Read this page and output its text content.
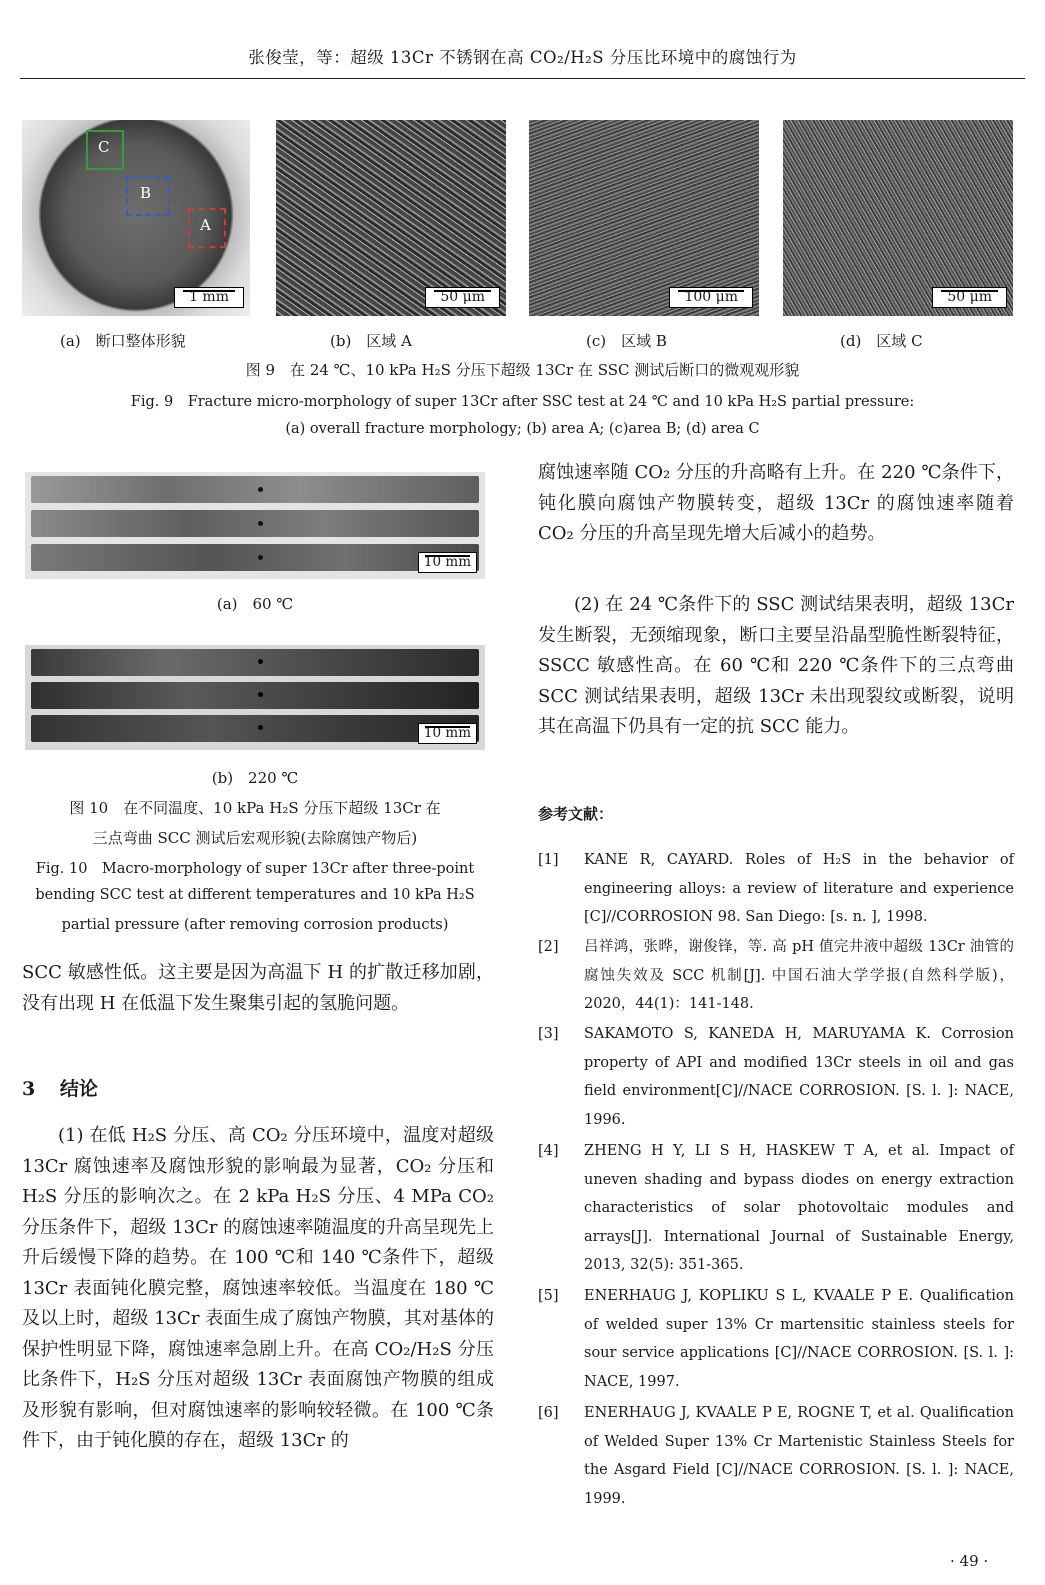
张俊莹，等：超级 13Cr 不锈钢在高 CO₂/H₂S 分压比环境中的腐蚀行为
C
B
A
1 mm	50 μm	100 μm	50 μm
(a)　断口整体形貌	(b)　区域 A	(c)　区域 B	(d)　区域 C
图 9　在 24 ℃、10 kPa H₂S 分压下超级 13Cr 在 SSC 测试后断口的微观观形貌
Fig. 9　Fracture micro-morphology of super 13Cr after SSC test at 24 ℃ and 10 kPa H₂S partial pressure:
(a) overall fracture morphology; (b) area A; (c)area B; (d) area C
10 mm
(a)　60 ℃
10 mm
(b)　220 ℃
图 10　在不同温度、10 kPa H₂S 分压下超级 13Cr 在
三点弯曲 SCC 测试后宏观形貌(去除腐蚀产物后)
Fig. 10　Macro-morphology of super 13Cr after three-point
bending SCC test at different temperatures and 10 kPa H₂S
partial pressure (after removing corrosion products)
SCC 敏感性低。这主要是因为高温下 H 的扩散迁移加剧，没有出现 H 在低温下发生聚集引起的氢脆问题。
3 结论
(1) 在低 H₂S 分压、高 CO₂ 分压环境中，温度对超级 13Cr 腐蚀速率及腐蚀形貌的影响最为显著，CO₂ 分压和 H₂S 分压的影响次之。在 2 kPa H₂S 分压、4 MPa CO₂ 分压条件下，超级 13Cr 的腐蚀速率随温度的升高呈现先上升后缓慢下降的趋势。在 100 ℃和 140 ℃条件下，超级 13Cr 表面钝化膜完整，腐蚀速率较低。当温度在 180 ℃及以上时，超级 13Cr 表面生成了腐蚀产物膜，其对基体的保护性明显下降，腐蚀速率急剧上升。在高 CO₂/H₂S 分压比条件下，H₂S 分压对超级 13Cr 表面腐蚀产物膜的组成及形貌有影响，但对腐蚀速率的影响较轻微。在 100 ℃条件下，由于钝化膜的存在，超级 13Cr 的
腐蚀速率随 CO₂ 分压的升高略有上升。在 220 ℃条件下，钝化膜向腐蚀产物膜转变，超级 13Cr 的腐蚀速率随着 CO₂ 分压的升高呈现先增大后减小的趋势。
(2) 在 24 ℃条件下的 SSC 测试结果表明，超级 13Cr 发生断裂，无颈缩现象，断口主要呈沿晶型脆性断裂特征，SSCC 敏感性高。在 60 ℃和 220 ℃条件下的三点弯曲 SCC 测试结果表明，超级 13Cr 未出现裂纹或断裂，说明其在高温下仍具有一定的抗 SCC 能力。
参考文献：
[1] KANE R, CAYARD. Roles of H₂S in the behavior of engineering alloys: a review of literature and experience [C]//CORROSION 98. San Diego: [s. n. ], 1998.
[2] 吕祥鸿，张晔，谢俊锋，等. 高 pH 值完井液中超级 13Cr 油管的腐蚀失效及 SCC 机制[J]. 中国石油大学学报(自然科学版)，2020，44(1)：141-148.
[3] SAKAMOTO S, KANEDA H, MARUYAMA K. Corrosion property of API and modified 13Cr steels in oil and gas field environment[C]//NACE CORROSION. [S. l. ]: NACE, 1996.
[4] ZHENG H Y, LI S H, HASKEW T A, et al. Impact of uneven shading and bypass diodes on energy extraction characteristics of solar photovoltaic modules and arrays[J]. International Journal of Sustainable Energy, 2013, 32(5): 351-365.
[5] ENERHAUG J, KOPLIKU S L, KVAALE P E. Qualification of welded super 13% Cr martensitic stainless steels for sour service applications [C]//NACE CORROSION. [S. l. ]: NACE, 1997.
[6] ENERHAUG J, KVAALE P E, ROGNE T, et al. Qualification of Welded Super 13% Cr Martenistic Stainless Steels for the Asgard Field [C]//NACE CORROSION. [S. l. ]: NACE, 1999.
· 49 ·
